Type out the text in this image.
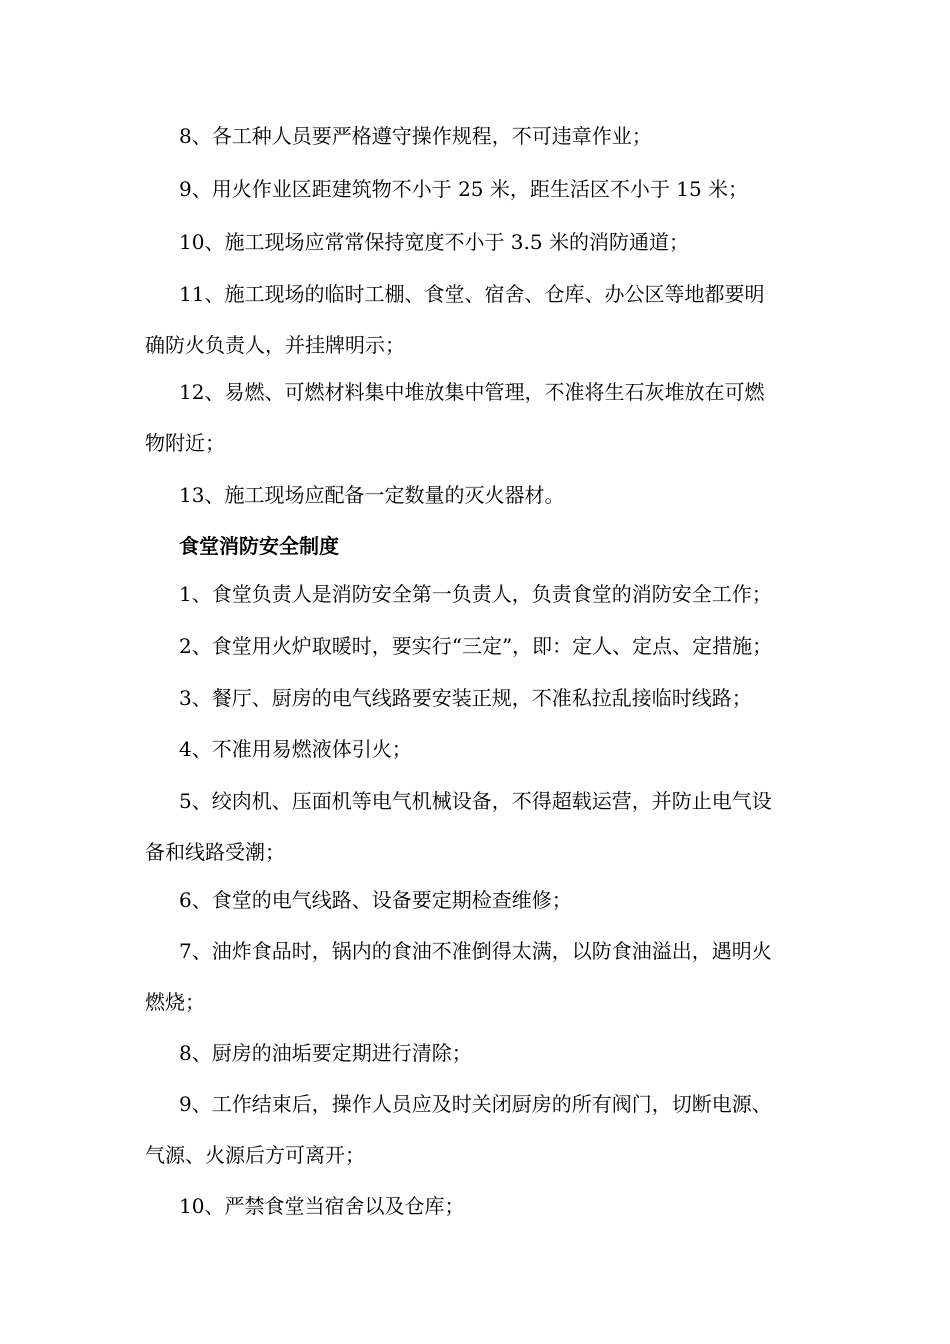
8、各工种人员要严格遵守操作规程，不可违章作业；
9、用火作业区距建筑物不小于 25 米，距生活区不小于 15 米；
10、施工现场应常常保持宽度不小于 3.5 米的消防通道；
11、施工现场的临时工棚、食堂、宿舍、仓库、办公区等地都要明
确防火负责人，并挂牌明示；
12、易燃、可燃材料集中堆放集中管理，不准将生石灰堆放在可燃
物附近；
13、施工现场应配备一定数量的灭火器材。
食堂消防安全制度
1、食堂负责人是消防安全第一负责人，负责食堂的消防安全工作；
2、食堂用火炉取暖时，要实行“三定”，即：定人、定点、定措施；
3、餐厅、厨房的电气线路要安装正规，不准私拉乱接临时线路；
4、不准用易燃液体引火；
5、绞肉机、压面机等电气机械设备，不得超载运营，并防止电气设
备和线路受潮；
6、食堂的电气线路、设备要定期检查维修；
7、油炸食品时，锅内的食油不准倒得太满，以防食油溢出，遇明火
燃烧；
8、厨房的油垢要定期进行清除；
9、工作结束后，操作人员应及时关闭厨房的所有阀门，切断电源、
气源、火源后方可离开；
10、严禁食堂当宿舍以及仓库；
